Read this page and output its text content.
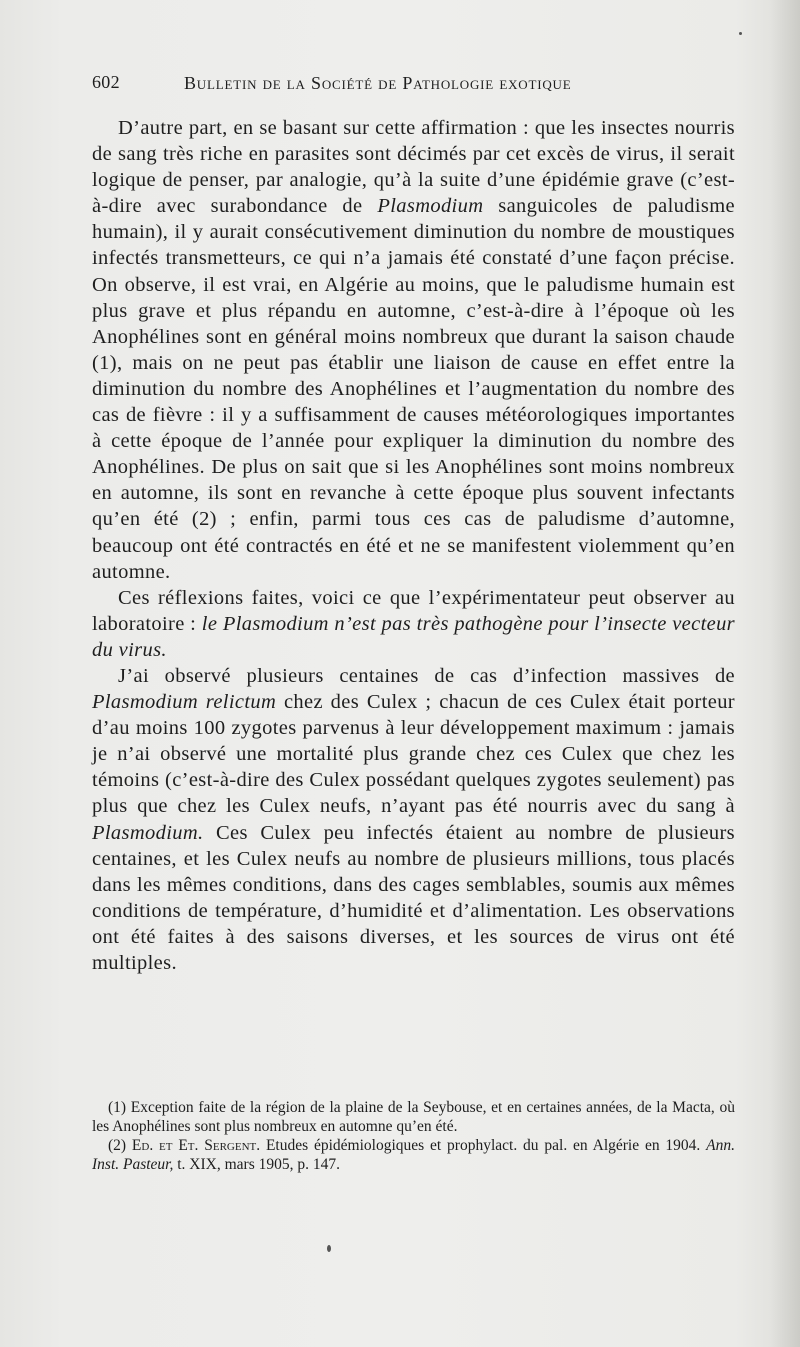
602	Bulletin de la Société de Pathologie exotique

D’autre part, en se basant sur cette affirmation : que les insectes nourris de sang très riche en parasites sont décimés par cet excès de virus, il serait logique de penser, par analogie, qu’à la suite d’une épidémie grave (c’est-à-dire avec surabondance de Plasmodium sanguicoles de paludisme humain), il y aurait consécutivement diminution du nombre de moustiques infectés transmetteurs, ce qui n’a jamais été constaté d’une façon précise. On observe, il est vrai, en Algérie au moins, que le paludisme humain est plus grave et plus répandu en automne, c’est-à-dire à l’époque où les Anophélines sont en général moins nombreux que durant la saison chaude (1), mais on ne peut pas établir une liaison de cause en effet entre la diminution du nombre des Anophélines et l’augmentation du nombre des cas de fièvre : il y a suffisamment de causes météorologiques importantes à cette époque de l’année pour expliquer la diminution du nombre des Anophélines. De plus on sait que si les Anophélines sont moins nombreux en automne, ils sont en revanche à cette époque plus souvent infectants qu’en été (2) ; enfin, parmi tous ces cas de paludisme d’automne, beaucoup ont été contractés en été et ne se manifestent violemment qu’en automne.

Ces réflexions faites, voici ce que l’expérimentateur peut observer au laboratoire : le Plasmodium n’est pas très pathogène pour l’insecte vecteur du virus.

J’ai observé plusieurs centaines de cas d’infection massives de Plasmodium relictum chez des Culex ; chacun de ces Culex était porteur d’au moins 100 zygotes parvenus à leur développement maximum : jamais je n’ai observé une mortalité plus grande chez ces Culex que chez les témoins (c’est-à-dire des Culex possédant quelques zygotes seulement) pas plus que chez les Culex neufs, n’ayant pas été nourris avec du sang à Plasmodium. Ces Culex peu infectés étaient au nombre de plusieurs centaines, et les Culex neufs au nombre de plusieurs millions, tous placés dans les mêmes conditions, dans des cages semblables, soumis aux mêmes conditions de température, d’humidité et d’alimentation. Les observations ont été faites à des saisons diverses, et les sources de virus ont été multiples.

(1) Exception faite de la région de la plaine de la Seybouse, et en certaines années, de la Macta, où les Anophélines sont plus nombreux en automne qu’en été.

(2) Ed. et Et. Sergent. Etudes épidémiologiques et prophylact. du pal. en Algérie en 1904. Ann. Inst. Pasteur, t. XIX, mars 1905, p. 147.
